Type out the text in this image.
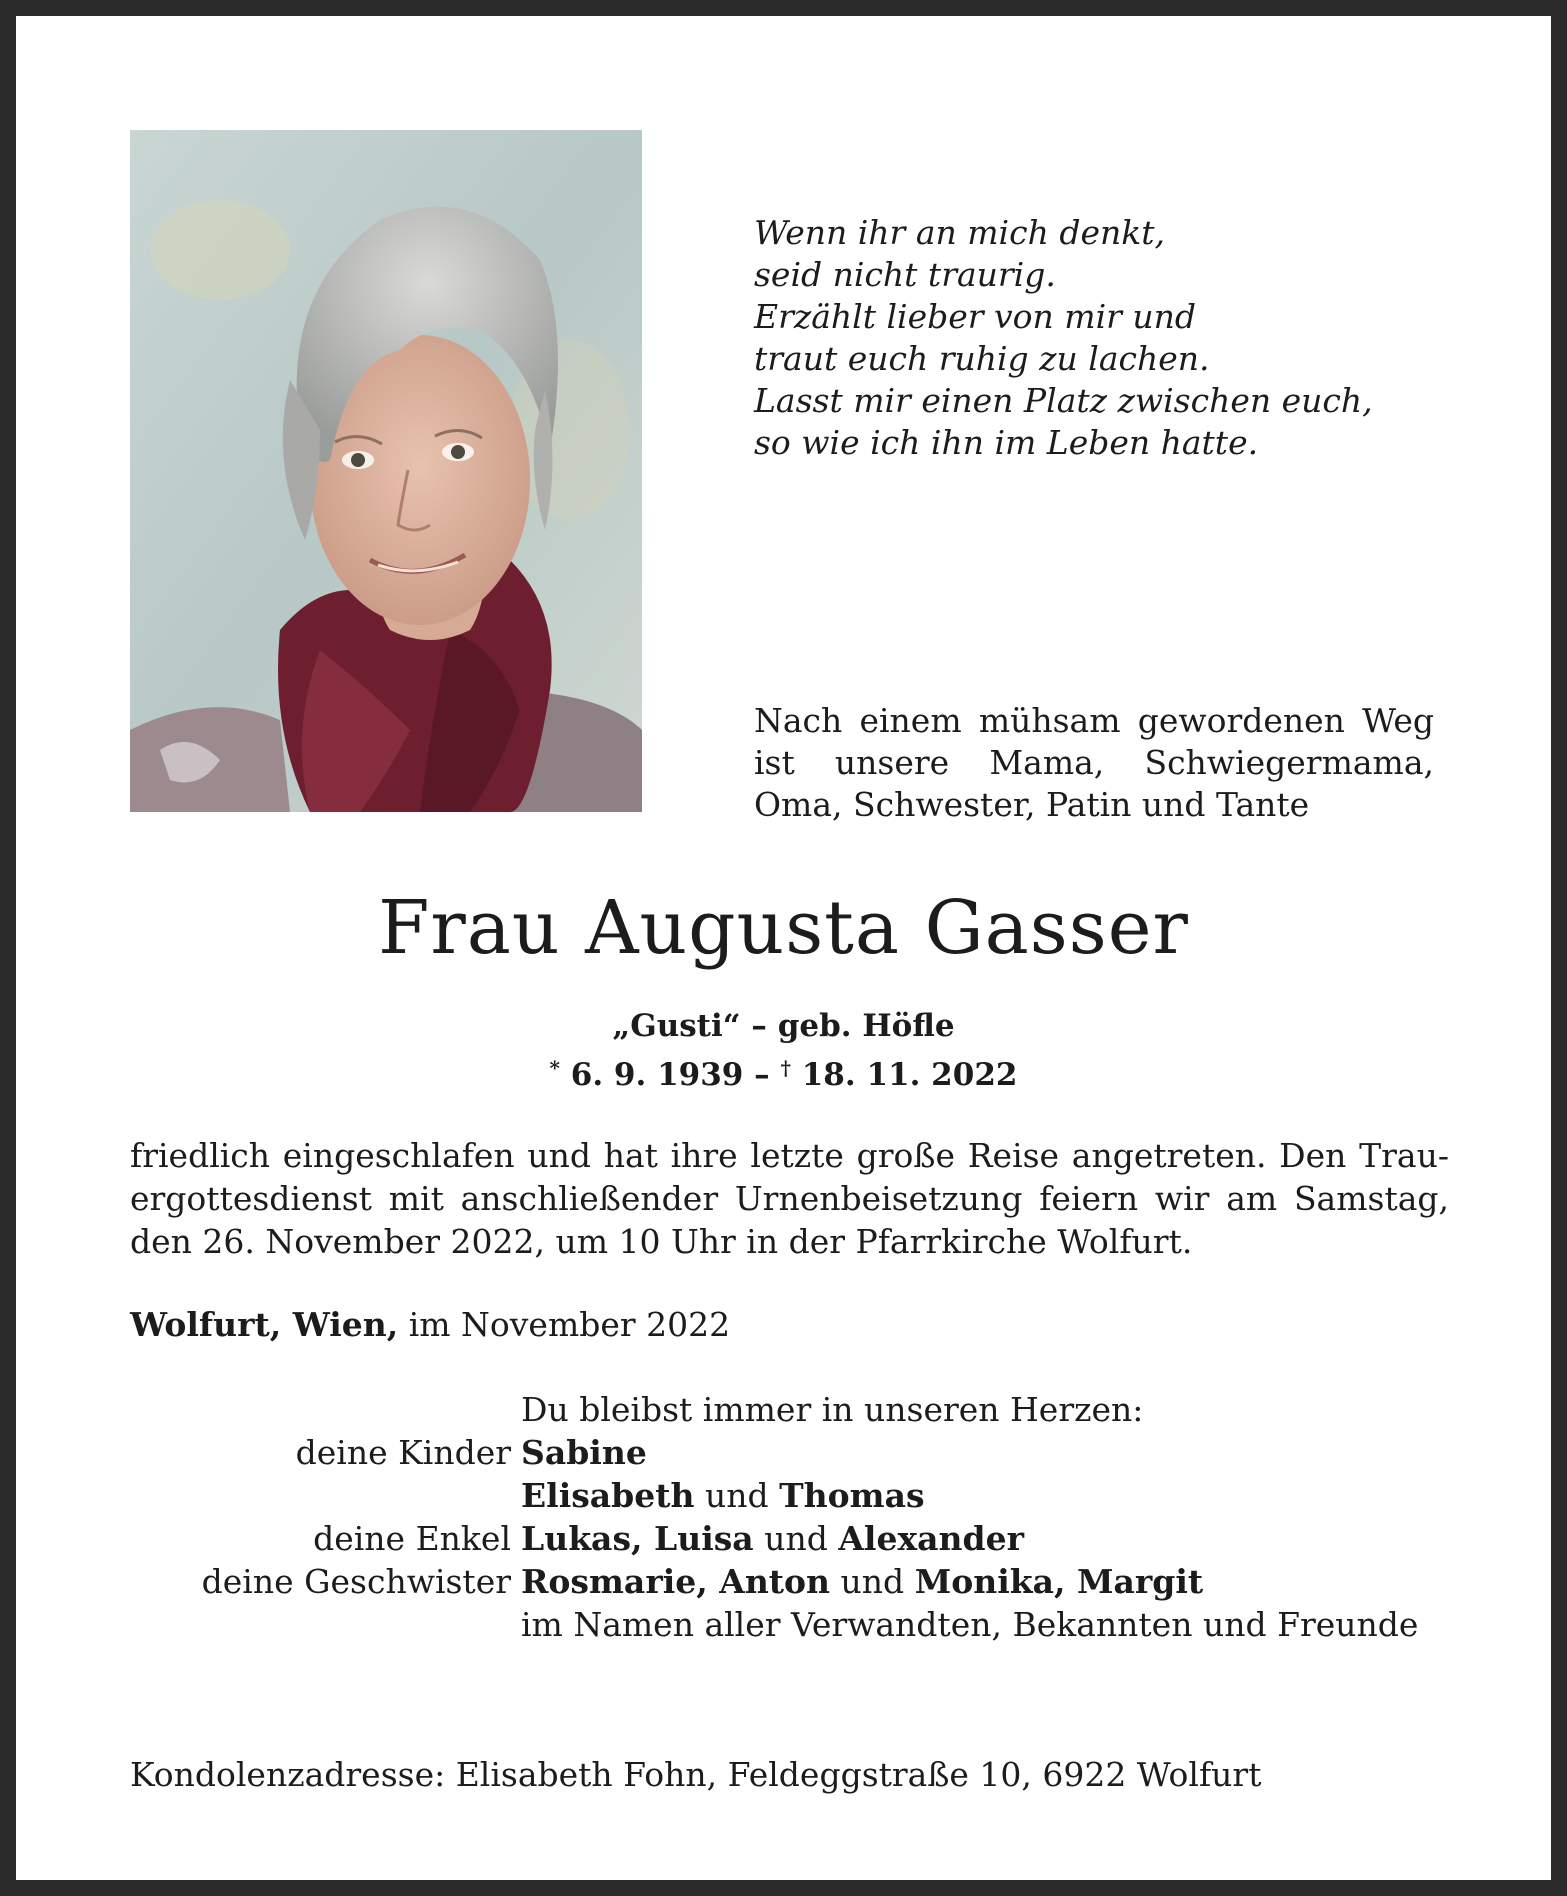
Wenn ihr an mich denkt,
seid nicht traurig.
Erzählt lieber von mir und
traut euch ruhig zu lachen.
Lasst mir einen Platz zwischen euch,
so wie ich ihn im Leben hatte.
Nach einem mühsam gewordenen Weg
ist unsere Mama, Schwiegermama,
Oma, Schwester, Patin und Tante
Frau Augusta Gasser
„Gusti“ – geb. Höfle
* 6. 9. 1939 – † 18. 11. 2022
friedlich eingeschlafen und hat ihre letzte große Reise angetreten. Den Trau-
ergottesdienst mit anschließender Urnenbeisetzung feiern wir am Samstag,
den 26. November 2022, um 10 Uhr in der Pfarrkirche Wolfurt.
Wolfurt, Wien, im November 2022
Du bleibst immer in unseren Herzen:
deine Kinder Sabine
Elisabeth und Thomas
deine Enkel Lukas, Luisa und Alexander
deine Geschwister Rosmarie, Anton und Monika, Margit
im Namen aller Verwandten, Bekannten und Freunde
Kondolenzadresse: Elisabeth Fohn, Feldeggstraße 10, 6922 Wolfurt
